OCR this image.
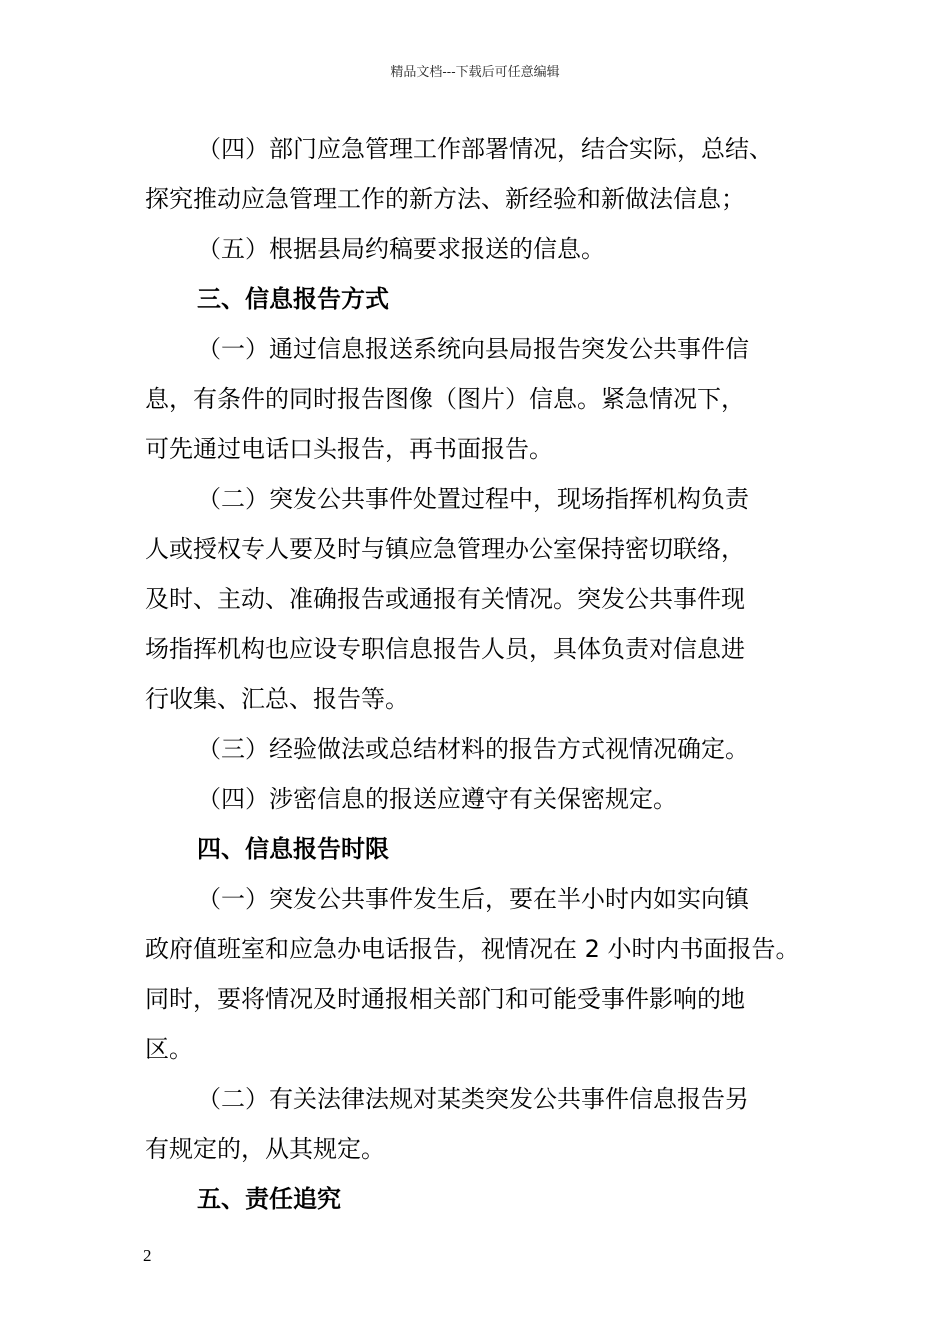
精品文档---下载后可任意编辑
（四）部门应急管理工作部署情况，结合实际，总结、
探究推动应急管理工作的新方法、新经验和新做法信息；
（五）根据县局约稿要求报送的信息。
三、信息报告方式
（一）通过信息报送系统向县局报告突发公共事件信
息，有条件的同时报告图像（图片）信息。紧急情况下，
可先通过电话口头报告，再书面报告。
（二）突发公共事件处置过程中，现场指挥机构负责
人或授权专人要及时与镇应急管理办公室保持密切联络，
及时、主动、准确报告或通报有关情况。突发公共事件现
场指挥机构也应设专职信息报告人员，具体负责对信息进
行收集、汇总、报告等。
（三）经验做法或总结材料的报告方式视情况确定。
（四）涉密信息的报送应遵守有关保密规定。
四、信息报告时限
（一）突发公共事件发生后，要在半小时内如实向镇
政府值班室和应急办电话报告，视情况在 2 小时内书面报告。
同时，要将情况及时通报相关部门和可能受事件影响的地
区。
（二）有关法律法规对某类突发公共事件信息报告另
有规定的，从其规定。
五、责任追究
2
